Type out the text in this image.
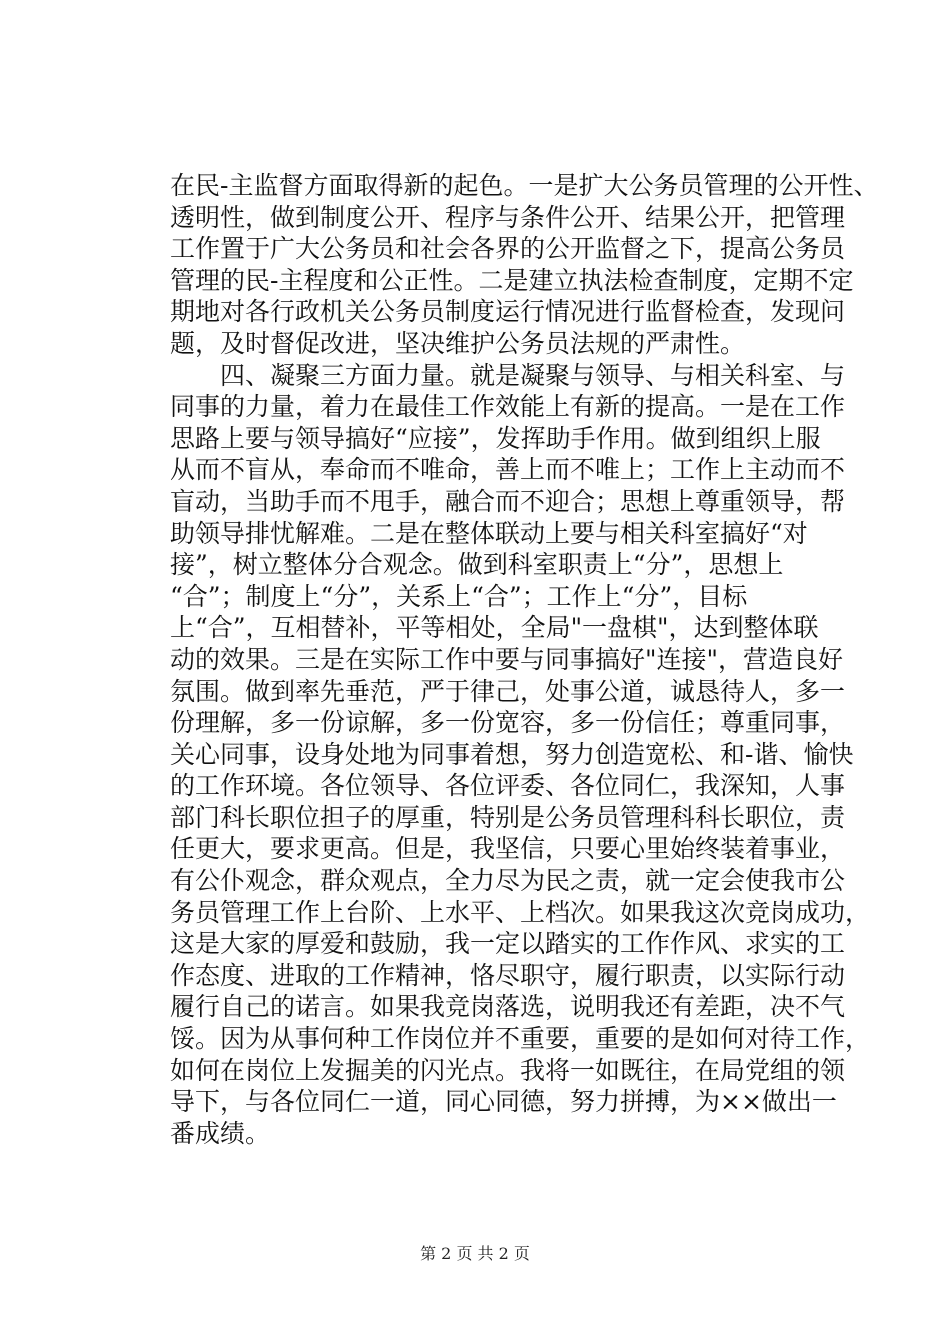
在民-主监督方面取得新的起色。一是扩大公务员管理的公开性、
透明性，做到制度公开、程序与条件公开、结果公开，把管理
工作置于广大公务员和社会各界的公开监督之下，提高公务员
管理的民-主程度和公正性。二是建立执法检查制度，定期不定
期地对各行政机关公务员制度运行情况进行监督检查，发现问
题，及时督促改进，坚决维护公务员法规的严肃性。
　　四、凝聚三方面力量。就是凝聚与领导、与相关科室、与
同事的力量，着力在最佳工作效能上有新的提高。一是在工作
思路上要与领导搞好“应接”，发挥助手作用。做到组织上服
从而不盲从，奉命而不唯命，善上而不唯上；工作上主动而不
盲动，当助手而不甩手，融合而不迎合；思想上尊重领导，帮
助领导排忧解难。二是在整体联动上要与相关科室搞好“对
接”，树立整体分合观念。做到科室职责上“分”，思想上
“合”；制度上“分”，关系上“合”；工作上“分”，目标
上“合”，互相替补，平等相处，全局"一盘棋"，达到整体联
动的效果。三是在实际工作中要与同事搞好"连接"，营造良好
氛围。做到率先垂范，严于律己，处事公道，诚恳待人，多一
份理解，多一份谅解，多一份宽容，多一份信任；尊重同事，
关心同事，设身处地为同事着想，努力创造宽松、和-谐、愉快
的工作环境。各位领导、各位评委、各位同仁，我深知，人事
部门科长职位担子的厚重，特别是公务员管理科科长职位，责
任更大，要求更高。但是，我坚信，只要心里始终装着事业，
有公仆观念，群众观点，全力尽为民之责，就一定会使我市公
务员管理工作上台阶、上水平、上档次。如果我这次竞岗成功，
这是大家的厚爱和鼓励，我一定以踏实的工作作风、求实的工
作态度、进取的工作精神，恪尽职守，履行职责，以实际行动
履行自己的诺言。如果我竞岗落选，说明我还有差距，决不气
馁。因为从事何种工作岗位并不重要，重要的是如何对待工作，
如何在岗位上发掘美的闪光点。我将一如既往，在局党组的领
导下，与各位同仁一道，同心同德，努力拼搏，为××做出一
番成绩。
第 2 页 共 2 页
